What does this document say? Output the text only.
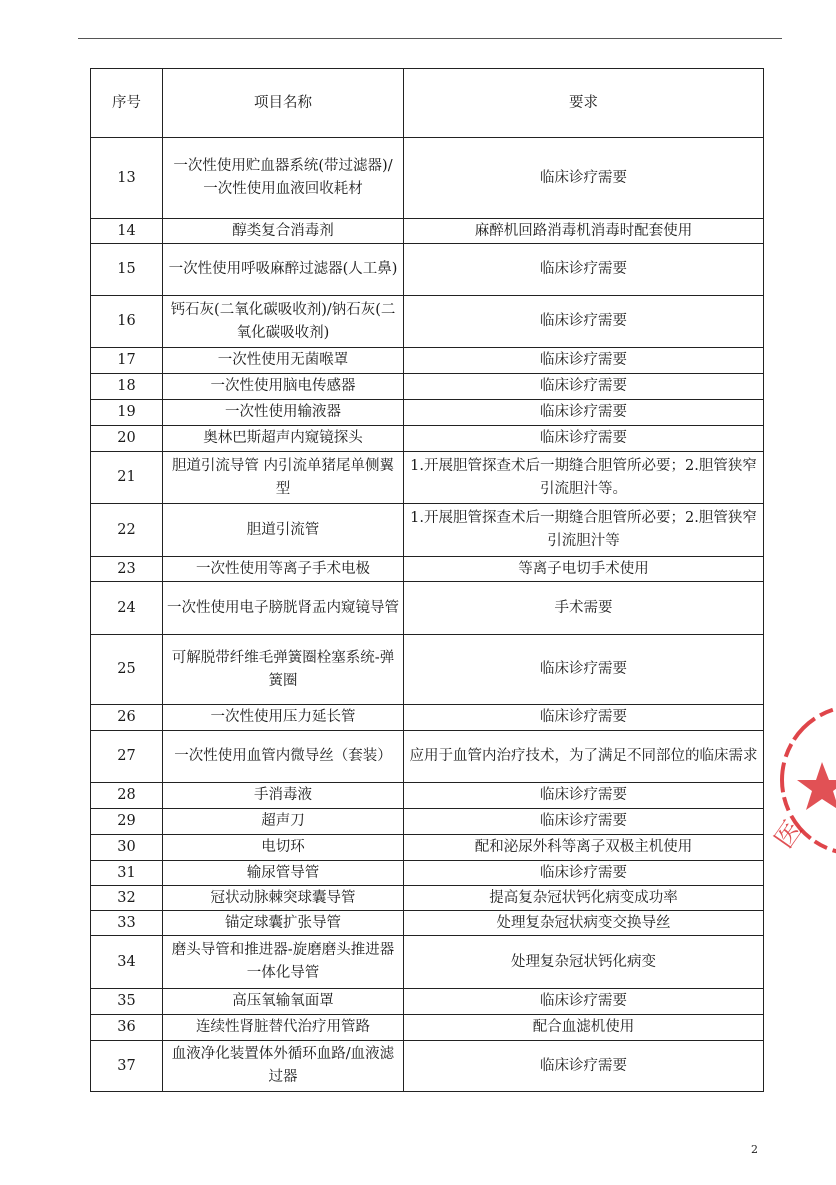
序号	项目名称	要求
13	一次性使用贮血器系统(带过滤器)/一次性使用血液回收耗材	临床诊疗需要
14	醇类复合消毒剂	麻醉机回路消毒机消毒时配套使用
15	一次性使用呼吸麻醉过滤器(人工鼻)	临床诊疗需要
16	钙石灰(二氧化碳吸收剂)/钠石灰(二氧化碳吸收剂)	临床诊疗需要
17	一次性使用无菌喉罩	临床诊疗需要
18	一次性使用脑电传感器	临床诊疗需要
19	一次性使用输液器	临床诊疗需要
20	奥林巴斯超声内窥镜探头	临床诊疗需要
21	胆道引流导管 内引流单猪尾单侧翼型	1.开展胆管探查术后一期缝合胆管所必要；2.胆管狭窄引流胆汁等。
22	胆道引流管	1.开展胆管探查术后一期缝合胆管所必要；2.胆管狭窄引流胆汁等
23	一次性使用等离子手术电极	等离子电切手术使用
24	一次性使用电子膀胱肾盂内窥镜导管	手术需要
25	可解脱带纤维毛弹簧圈栓塞系统-弹簧圈	临床诊疗需要
26	一次性使用压力延长管	临床诊疗需要
27	一次性使用血管内微导丝（套装）	应用于血管内治疗技术，为了满足不同部位的临床需求
28	手消毒液	临床诊疗需要
29	超声刀	临床诊疗需要
30	电切环	配和泌尿外科等离子双极主机使用
31	输尿管导管	临床诊疗需要
32	冠状动脉棘突球囊导管	提高复杂冠状钙化病变成功率
33	锚定球囊扩张导管	处理复杂冠状病变交换导丝
34	磨头导管和推进器-旋磨磨头推进器一体化导管	处理复杂冠状钙化病变
35	高压氧输氧面罩	临床诊疗需要
36	连续性肾脏替代治疗用管路	配合血滤机使用
37	血液净化装置体外循环血路/血液滤过器	临床诊疗需要
医
2
